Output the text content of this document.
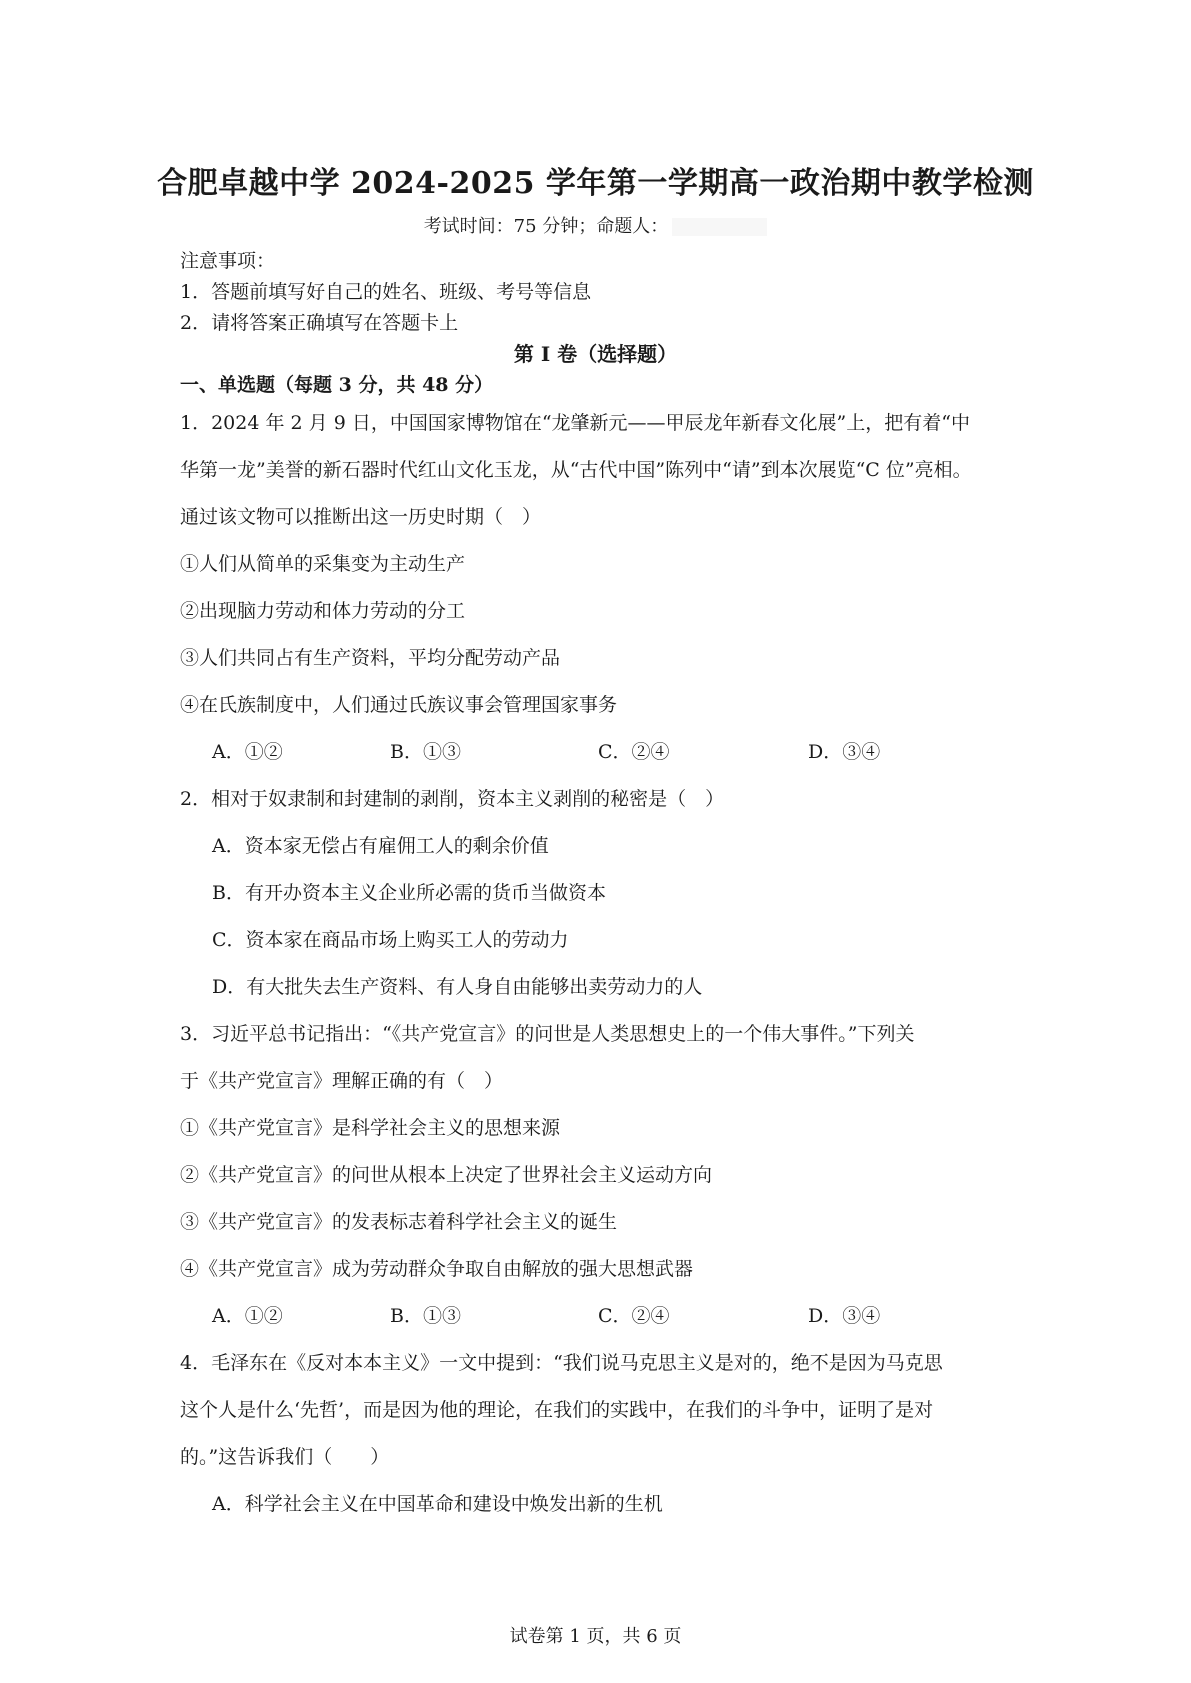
合肥卓越中学 2024-2025 学年第一学期高一政治期中教学检测
考试时间：75 分钟；命题人：
注意事项：
1．答题前填写好自己的姓名、班级、考号等信息
2．请将答案正确填写在答题卡上
第 I 卷（选择题）
一、单选题（每题 3 分，共 48 分）
1．2024 年 2 月 9 日，中国国家博物馆在“龙肇新元——甲辰龙年新春文化展”上，把有着“中
华第一龙”美誉的新石器时代红山文化玉龙，从“古代中国”陈列中“请”到本次展览“C 位”亮相。
通过该文物可以推断出这一历史时期（　）
①人们从简单的采集变为主动生产
②出现脑力劳动和体力劳动的分工
③人们共同占有生产资料，平均分配劳动产品
④在氏族制度中，人们通过氏族议事会管理国家事务
A．①②	B．①③	C．②④	D．③④
2．相对于奴隶制和封建制的剥削，资本主义剥削的秘密是（　）
A．资本家无偿占有雇佣工人的剩余价值
B．有开办资本主义企业所必需的货币当做资本
C．资本家在商品市场上购买工人的劳动力
D．有大批失去生产资料、有人身自由能够出卖劳动力的人
3．习近平总书记指出：“《共产党宣言》的问世是人类思想史上的一个伟大事件。”下列关
于《共产党宣言》理解正确的有（　）
①《共产党宣言》是科学社会主义的思想来源
②《共产党宣言》的问世从根本上决定了世界社会主义运动方向
③《共产党宣言》的发表标志着科学社会主义的诞生
④《共产党宣言》成为劳动群众争取自由解放的强大思想武器
A．①②	B．①③	C．②④	D．③④
4．毛泽东在《反对本本主义》一文中提到：“我们说马克思主义是对的，绝不是因为马克思
这个人是什么‘先哲’，而是因为他的理论，在我们的实践中，在我们的斗争中，证明了是对
的。”这告诉我们（　　）
A．科学社会主义在中国革命和建设中焕发出新的生机
试卷第 1 页，共 6 页
